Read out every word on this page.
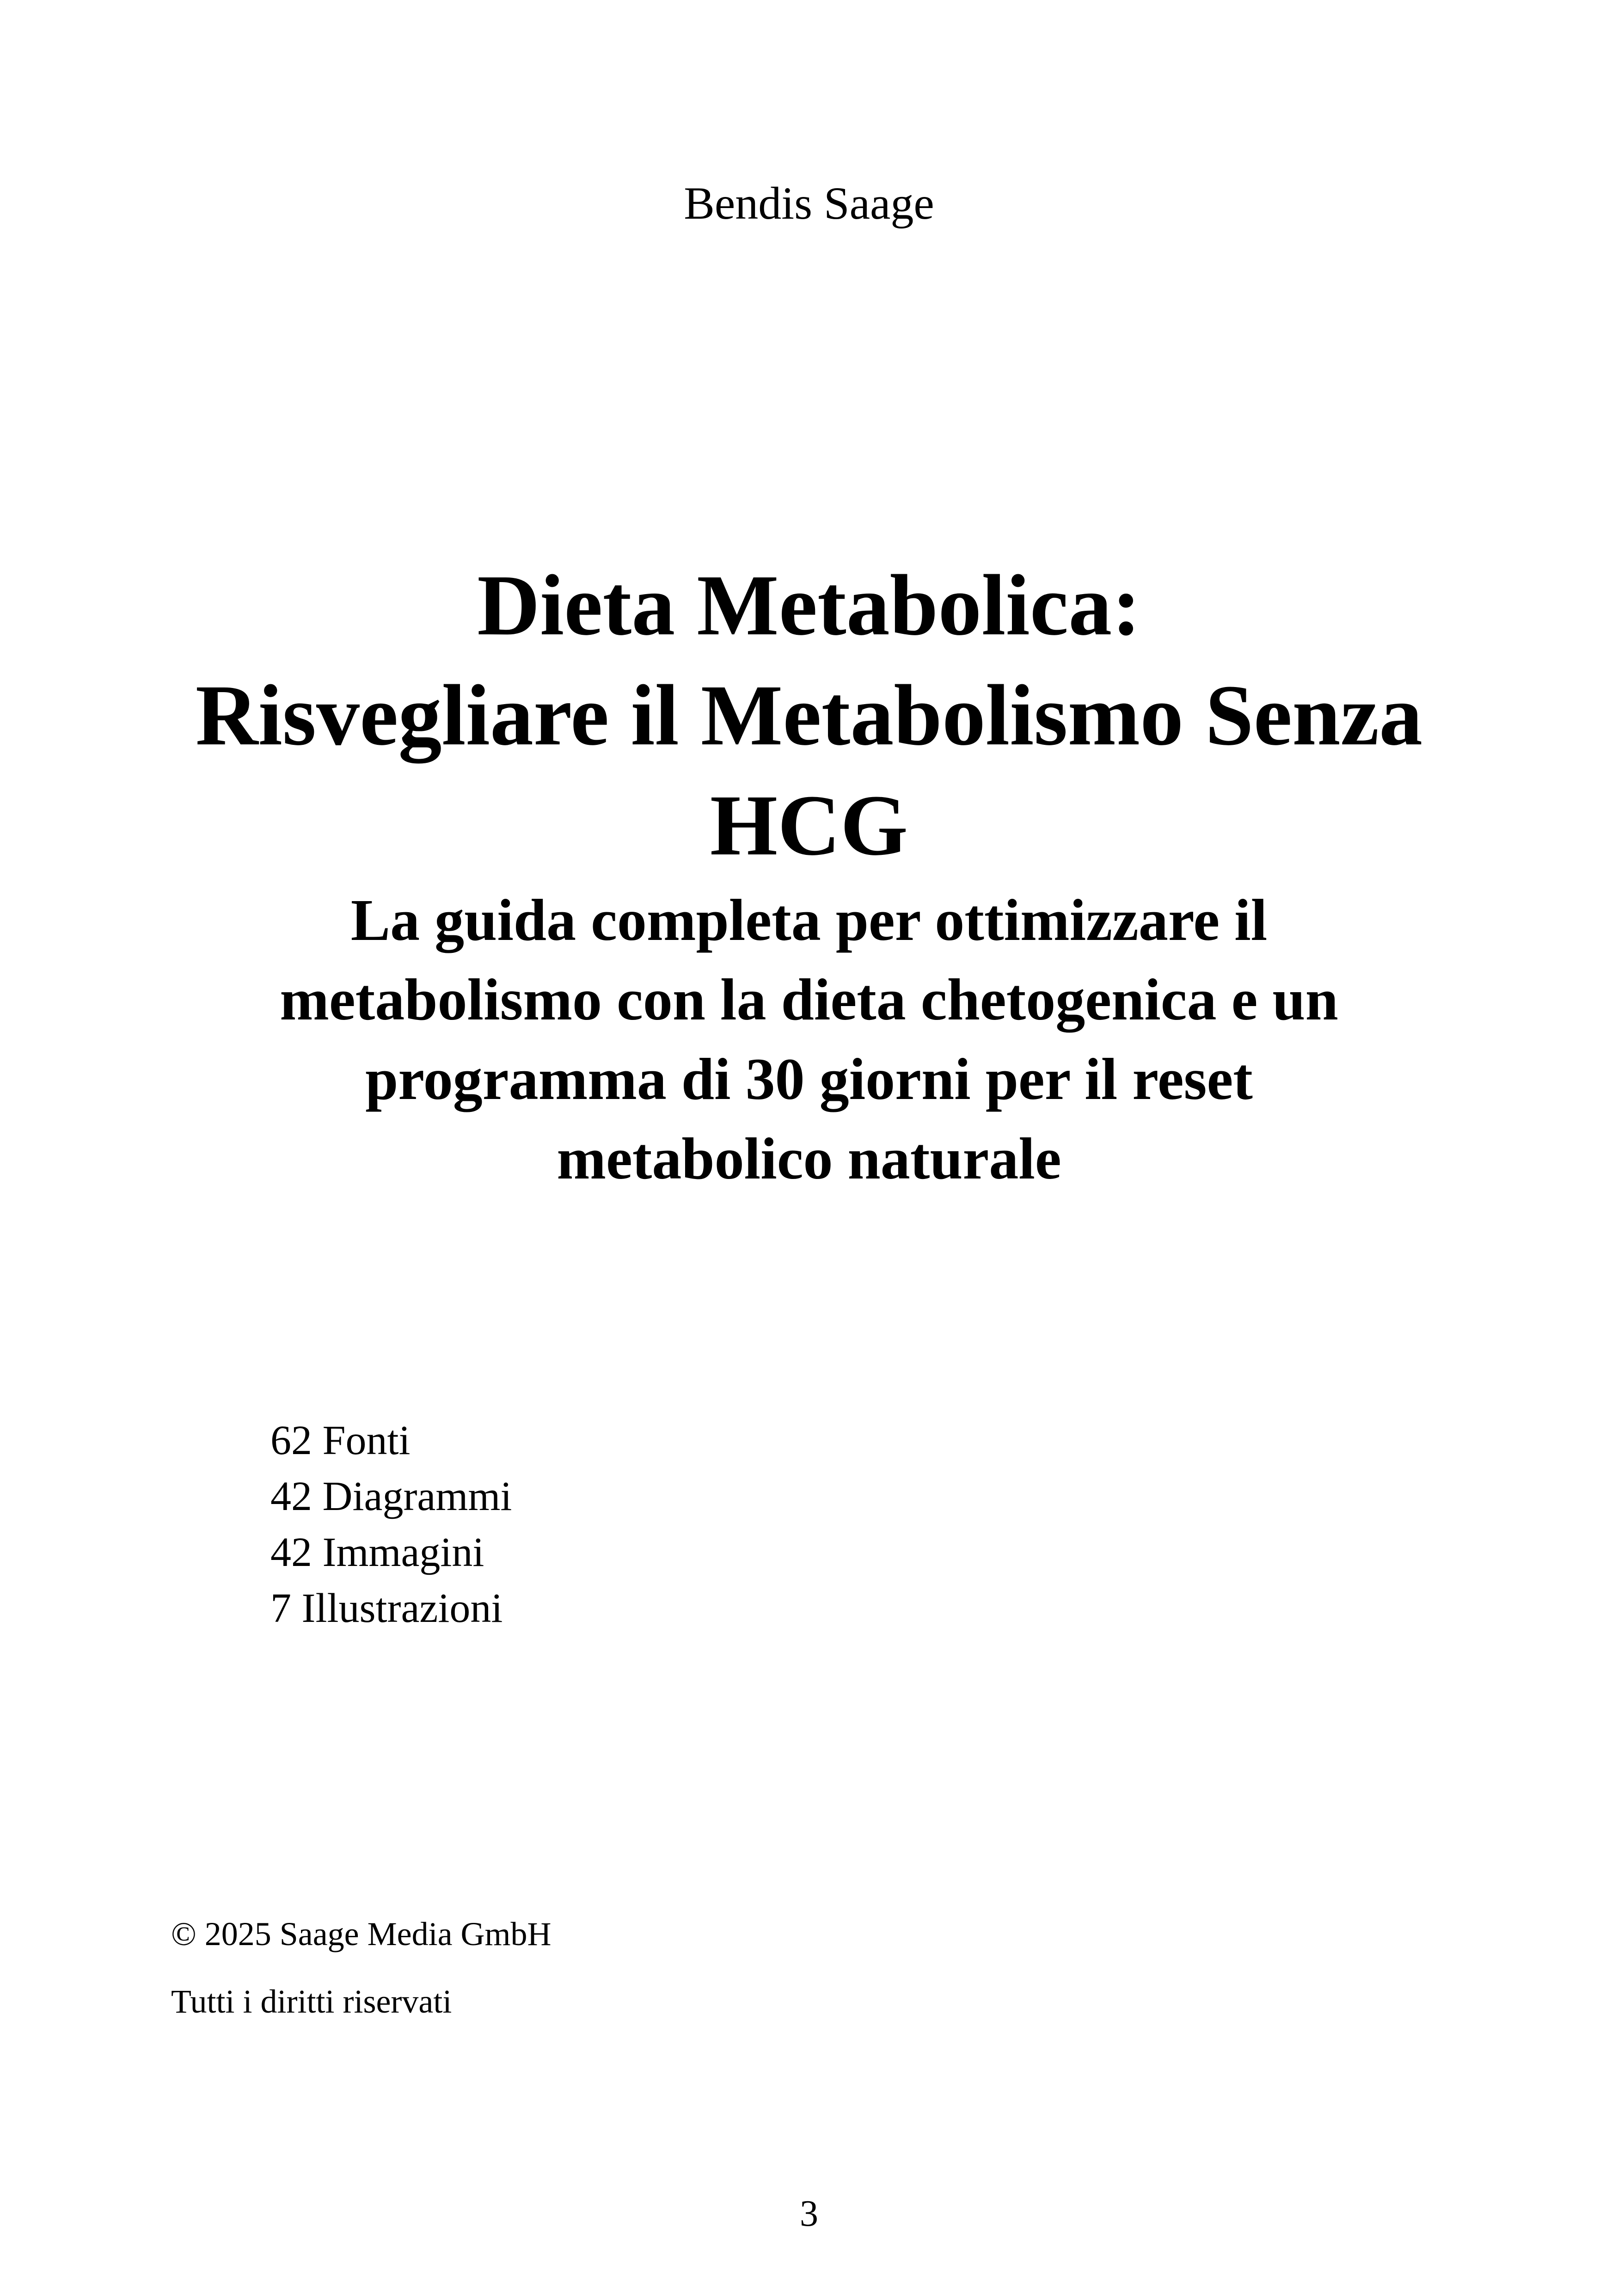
Bendis Saage
Dieta Metabolica:
Risvegliare il Metabolismo Senza
HCG
La guida completa per ottimizzare il
metabolismo con la dieta chetogenica e un
programma di 30 giorni per il reset
metabolico naturale
62 Fonti
42 Diagrammi
42 Immagini
7 Illustrazioni
© 2025 Saage Media GmbH
Tutti i diritti riservati
3
